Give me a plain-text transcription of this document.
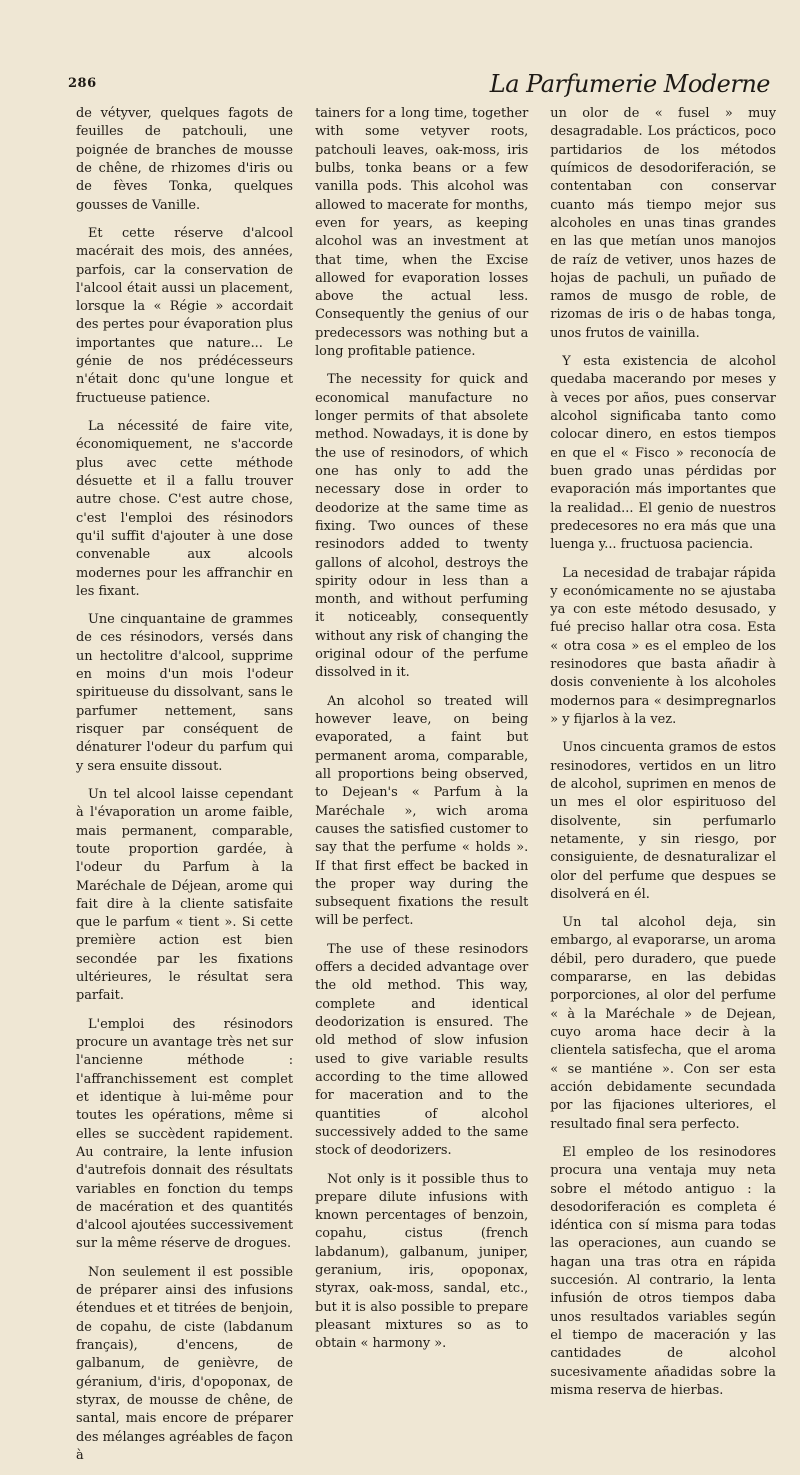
286	La Parfumerie Moderne

de vétyver, quelques fagots de feuilles de patchouli, une poignée de branches de mousse de chêne, de rhizomes d'iris ou de fèves Tonka, quelques gousses de Vanille.

Et cette réserve d'alcool macérait des mois, des années, parfois, car la conservation de l'alcool était aussi un placement, lorsque la « Régie » accordait des pertes pour évaporation plus importantes que nature... Le génie de nos prédécesseurs n'était donc qu'une longue et fructueuse patience.

La nécessité de faire vite, économiquement, ne s'accorde plus avec cette méthode désuette et il a fallu trouver autre chose. C'est autre chose, c'est l'emploi des résinodors qu'il suffit d'ajouter à une dose convenable aux alcools modernes pour les affranchir en les fixant.

Une cinquantaine de grammes de ces résinodors, versés dans un hectolitre d'alcool, supprime en moins d'un mois l'odeur spiritueuse du dissolvant, sans le parfumer nettement, sans risquer par conséquent de dénaturer l'odeur du parfum qui y sera ensuite dissout.

Un tel alcool laisse cependant à l'évaporation un arome faible, mais permanent, comparable, toute proportion gardée, à l'odeur du Parfum à la Maréchale de Déjean, arome qui fait dire à la cliente satisfaite que le parfum « tient ». Si cette première action est bien secondée par les fixations ultérieures, le résultat sera parfait.

L'emploi des résinodors procure un avantage très net sur l'ancienne méthode : l'affranchissement est complet et identique à lui-même pour toutes les opérations, même si elles se succèdent rapidement. Au contraire, la lente infusion d'autrefois donnait des résultats variables en fonction du temps de macération et des quantités d'alcool ajoutées successivement sur la même réserve de drogues.

Non seulement il est possible de préparer ainsi des infusions étendues et et titrées de benjoin, de copahu, de ciste (labdanum français), d'encens, de galbanum, de genièvre, de géranium, d'iris, d'opoponax, de styrax, de mousse de chêne, de santal, mais encore de préparer des mélanges agréables de façon à

tainers for a long time, together with some vetyver roots, patchouli leaves, oak-moss, iris bulbs, tonka beans or a few vanilla pods. This alcohol was allowed to macerate for months, even for years, as keeping alcohol was an investment at that time, when the Excise allowed for evaporation losses above the actual less. Consequently the genius of our predecessors was nothing but a long profitable patience.

The necessity for quick and economical manufacture no longer permits of that absolete method. Nowadays, it is done by the use of resinodors, of which one has only to add the necessary dose in order to deodorize at the same time as fixing. Two ounces of these resinodors added to twenty gallons of alcohol, destroys the spirity odour in less than a month, and without perfuming it noticeably, consequently without any risk of changing the original odour of the perfume dissolved in it.

An alcohol so treated will however leave, on being evaporated, a faint but permanent aroma, comparable, all proportions being observed, to Dejean's « Parfum à la Maréchale », wich aroma causes the satisfied customer to say that the perfume « holds ». If that first effect be backed in the proper way during the subsequent fixations the result will be perfect.

The use of these resinodors offers a decided advantage over the old method. This way, complete and identical deodorization is ensured. The old method of slow infusion used to give variable results according to the time allowed for maceration and to the quantities of alcohol successively added to the same stock of deodorizers.

Not only is it possible thus to prepare dilute infusions with known percentages of benzoin, copahu, cistus (french labdanum), galbanum, juniper, geranium, iris, opoponax, styrax, oak-moss, sandal, etc., but it is also possible to prepare pleasant mixtures so as to obtain « harmony ».

un olor de « fusel » muy desagradable. Los prácticos, poco partidarios de los métodos químicos de desodoriferación, se contentaban con conservar cuanto más tiempo mejor sus alcoholes en unas tinas grandes en las que metían unos manojos de raíz de vetiver, unos hazes de hojas de pachuli, un puñado de ramos de musgo de roble, de rizomas de iris o de habas tonga, unos frutos de vainilla.

Y esta existencia de alcohol quedaba macerando por meses y à veces por años, pues conservar alcohol significaba tanto como colocar dinero, en estos tiempos en que el « Fisco » reconocía de buen grado unas pérdidas por evaporación más importantes que la realidad... El genio de nuestros predecesores no era más que una luenga y... fructuosa paciencia.

La necesidad de trabajar rápida y económicamente no se ajustaba ya con este método desusado, y fué preciso hallar otra cosa. Esta « otra cosa » es el empleo de los resinodores que basta añadir à dosis conveniente à los alcoholes modernos para « desimpregnarlos » y fijarlos à la vez.

Unos cincuenta gramos de estos resinodores, vertidos en un litro de alcohol, suprimen en menos de un mes el olor espirituoso del disolvente, sin perfumarlo netamente, y sin riesgo, por consiguiente, de desnaturalizar el olor del perfume que despues se disolverá en él.

Un tal alcohol deja, sin embargo, al evaporarse, un aroma débil, pero duradero, que puede compararse, en las debidas porporciones, al olor del perfume « à la Maréchale » de Dejean, cuyo aroma hace decir à la clientela satisfecha, que el aroma « se mantiéne ». Con ser esta acción debidamente secundada por las fijaciones ulteriores, el resultado final sera perfecto.

El empleo de los resinodores procura una ventaja muy neta sobre el método antiguo : la desodoriferación es completa é idéntica con sí misma para todas las operaciones, aun cuando se hagan una tras otra en rápida succesión. Al contrario, la lenta infusión de otros tiempos daba unos resultados variables según el tiempo de maceración y las cantidades de alcohol sucesivamente añadidas sobre la misma reserva de hierbas.
